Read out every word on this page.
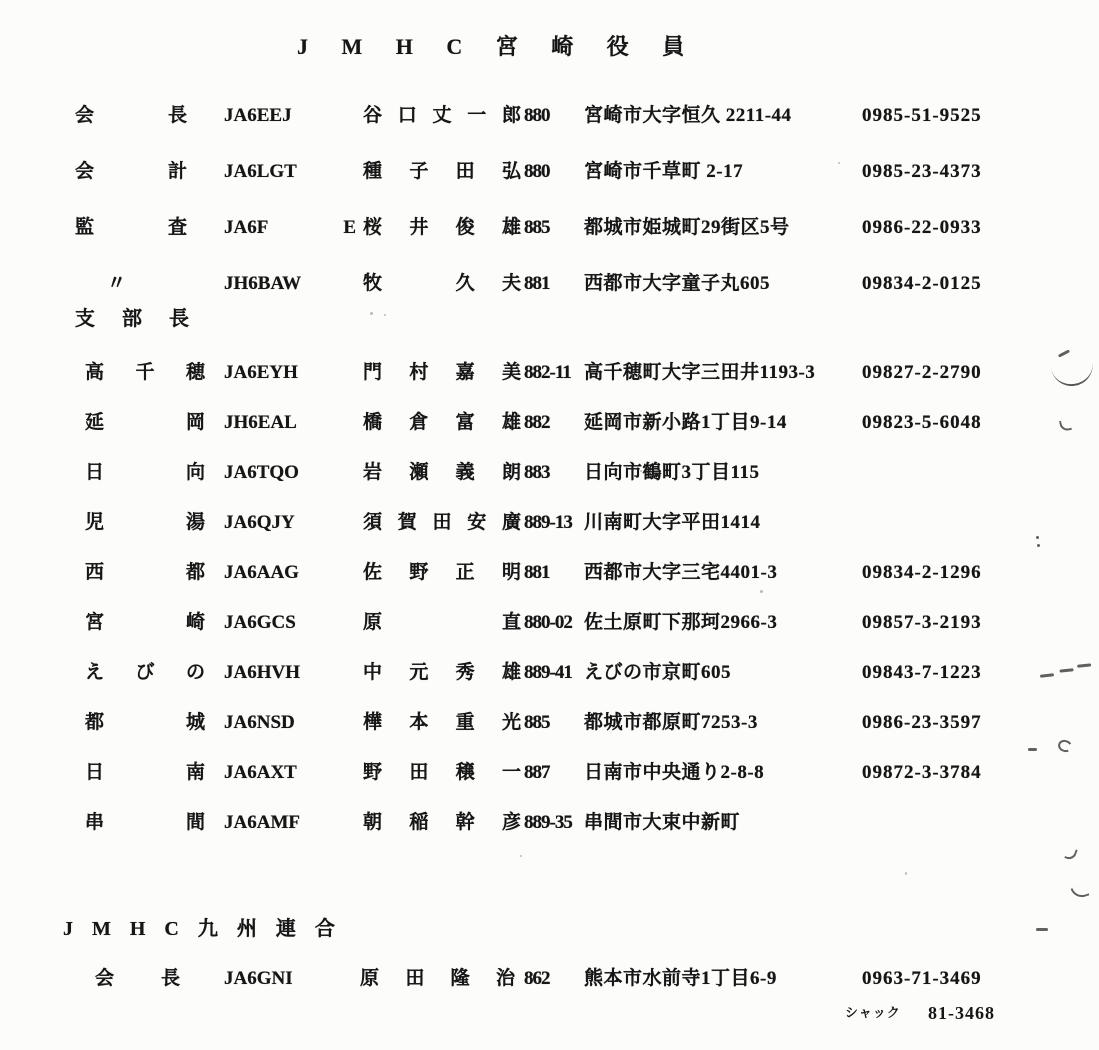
J M H C 宮 崎 役 員
会長 JA6EEJ	谷口丈一郎 880	宮崎市大字恒久 2211-44	0985-51-9525
会計 JA6LGT	種子田弘 880	宮崎市千草町 2-17	0985-23-4373
監査 JA6F E 桜井俊雄 885	都城市姫城町29街区5号	0986-22-0933
〃	JH6BAW	牧　久夫 881	西都市大字童子丸605	09834-2-0125
支 部 長
高千穂 JA6EYH	門村嘉美 882-11 高千穂町大字三田井1193-3	09827-2-2790
延岡 JH6EAL	橋倉富雄 882	延岡市新小路1丁目9-14	09823-5-6048
日向 JA6TQO	岩瀬義朗 883	日向市鶴町3丁目115
児湯 JA6QJY	須賀田安廣 889-13 川南町大字平田1414
西都 JA6AAG	佐野正明 881	西都市大字三宅4401-3	09834-2-1296
宮崎 JA6GCS	原　　直 880-02 佐土原町下那珂2966-3	09857-3-2193
えびの JA6HVH	中元秀雄 889-41 えびの市京町605	09843-7-1223
都城 JA6NSD	樺本重光 885	都城市都原町7253-3	0986-23-3597
日南 JA6AXT	野田穣一 887	日南市中央通り2-8-8	09872-3-3784
串間 JA6AMF	朝稲幹彦 889-35 串間市大束中新町
J M H C 九 州 連 合
会長 JA6GNI	原田隆治 862	熊本市水前寺1丁目6-9	0963-71-3469
シャック 81-3468
